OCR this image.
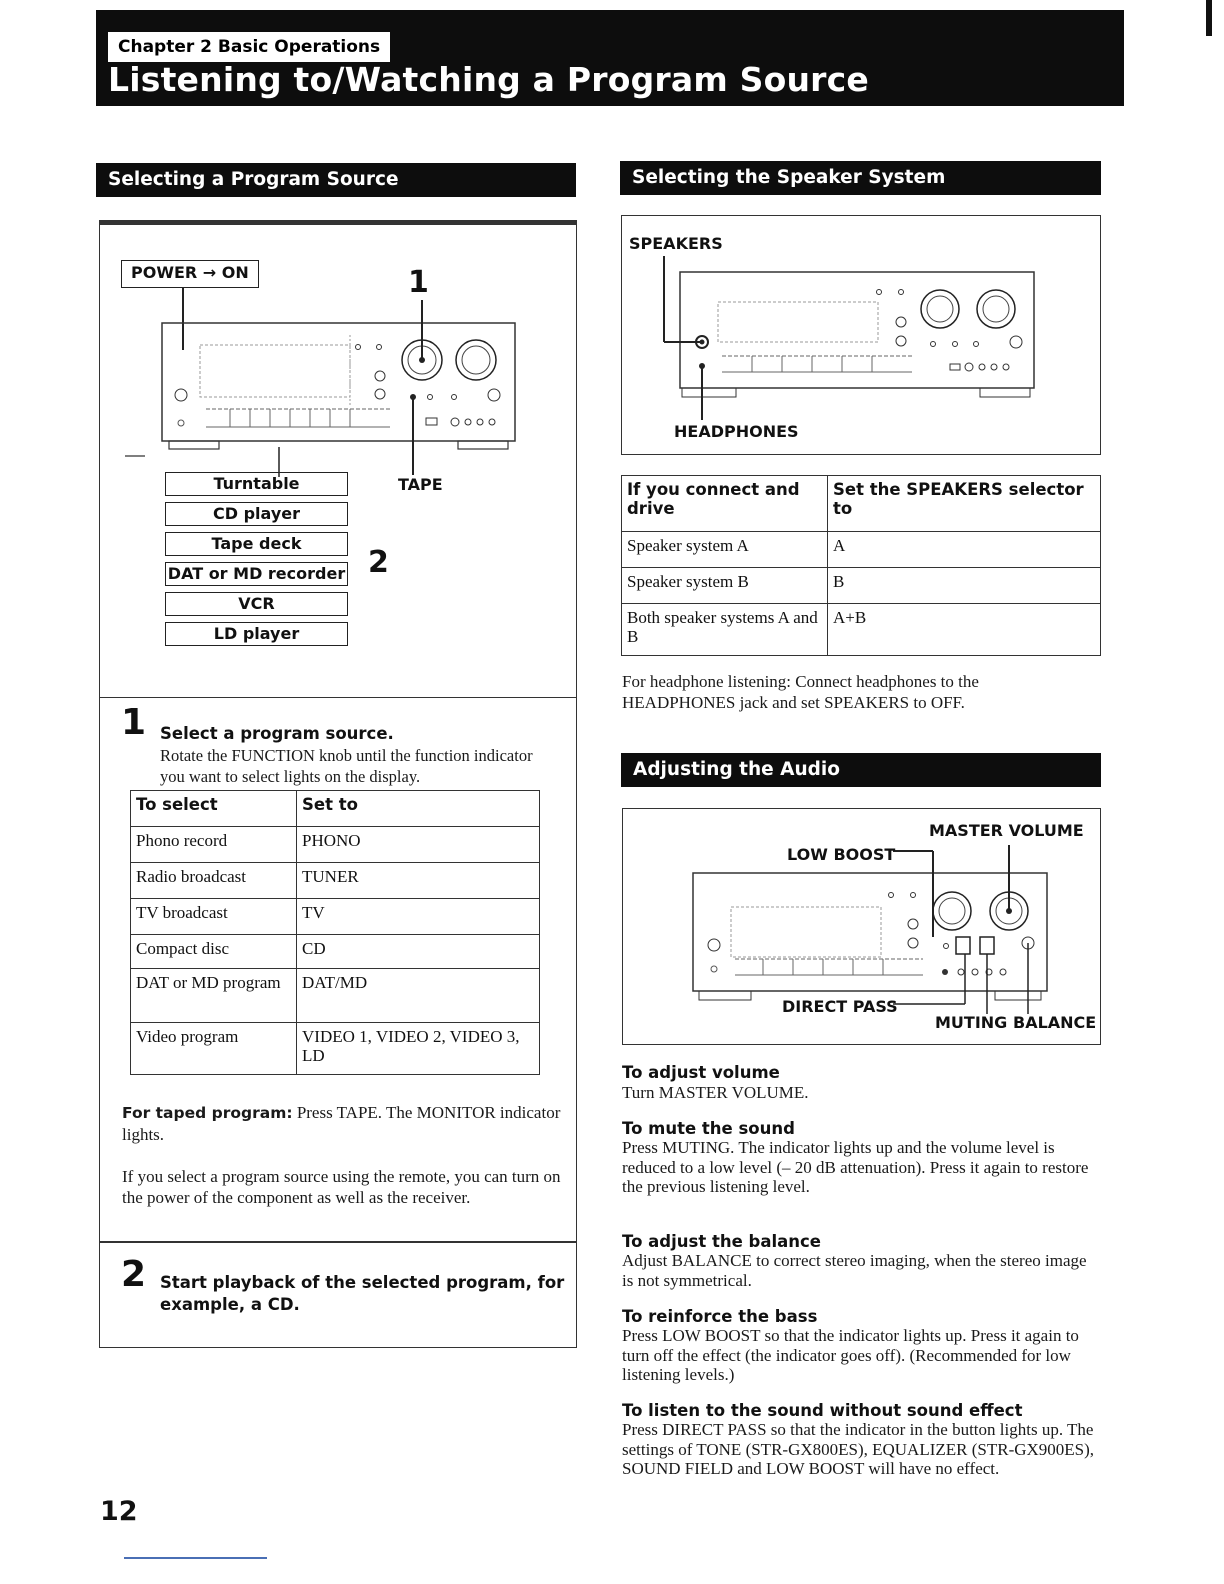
Chapter 2 Basic Operations
Listening to/Watching a Program Source
Selecting a Program Source
POWER → ON	1
TAPE
2
Turntable
CD player
Tape deck
DAT or MD recorder
VCR
LD player
1 Select a program source.
Rotate the FUNCTION knob until the function indicator you want to select lights on the display.
To select	Set to
Phono record	PHONO
Radio broadcast	TUNER
TV broadcast	TV
Compact disc	CD
DAT or MD program	DAT/MD
Video program	VIDEO 1, VIDEO 2, VIDEO 3, LD
For taped program: Press TAPE. The MONITOR indicator lights.
If you select a program source using the remote, you can turn on the power of the component as well as the receiver.
2 Start playback of the selected program, for example, a CD.
12
Selecting the Speaker System
SPEAKERS
HEADPHONES
If you connect and drive	Set the SPEAKERS selector to
Speaker system A	A
Speaker system B	B
Both speaker systems A and B	A+B
For headphone listening: Connect headphones to the HEADPHONES jack and set SPEAKERS to OFF.
Adjusting the Audio
MASTER VOLUME
LOW BOOST
DIRECT PASS
MUTING BALANCE
To adjust volume
Turn MASTER VOLUME.
To mute the sound
Press MUTING. The indicator lights up and the volume level is reduced to a low level (– 20 dB attenuation). Press it again to restore the previous listening level.
To adjust the balance
Adjust BALANCE to correct stereo imaging, when the stereo image is not symmetrical.
To reinforce the bass
Press LOW BOOST so that the indicator lights up. Press it again to turn off the effect (the indicator goes off). (Recommended for low listening levels.)
To listen to the sound without sound effect
Press DIRECT PASS so that the indicator in the button lights up. The settings of TONE (STR-GX800ES), EQUALIZER (STR-GX900ES), SOUND FIELD and LOW BOOST will have no effect.
